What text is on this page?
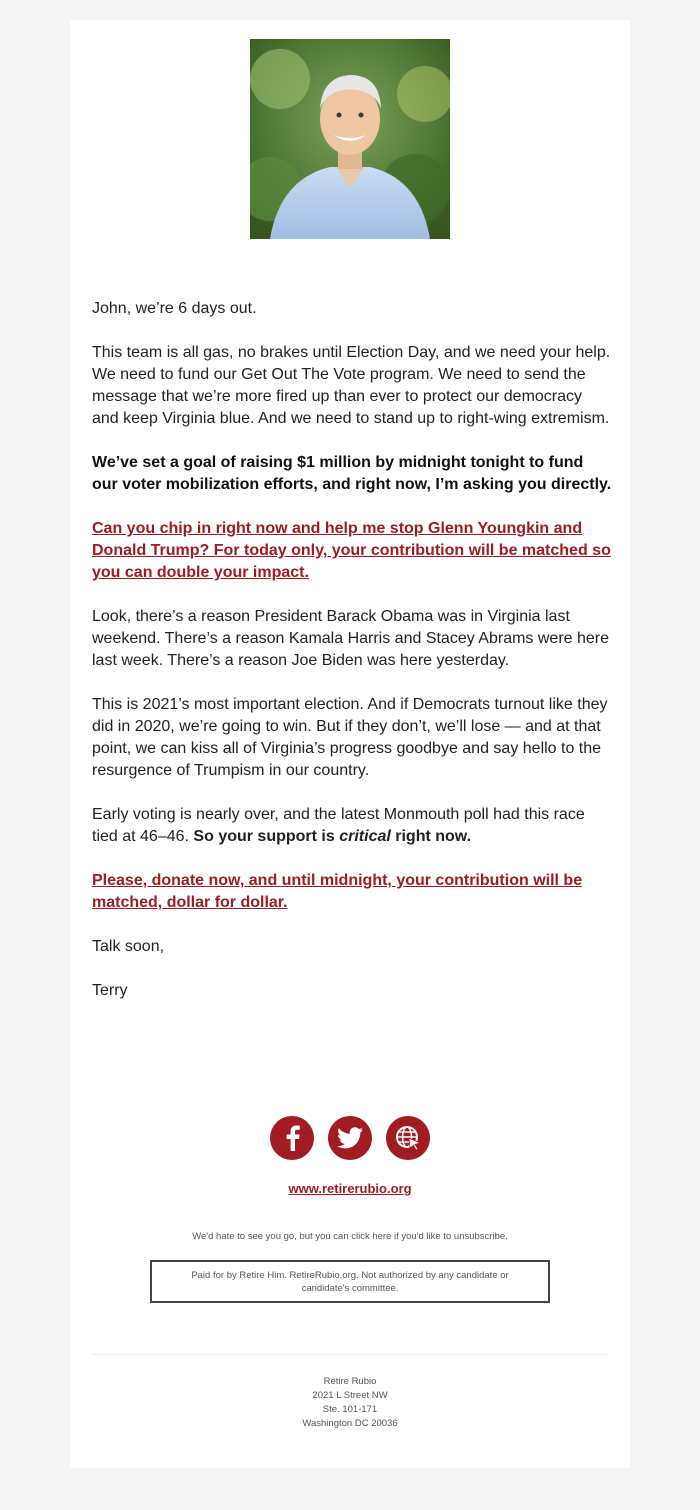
John, we’re 6 days out.

This team is all gas, no brakes until Election Day, and we need your help. We need to fund our Get Out The Vote program. We need to send the message that we’re more fired up than ever to protect our democracy and keep Virginia blue. And we need to stand up to right-wing extremism.

We’ve set a goal of raising $1 million by midnight tonight to fund our voter mobilization efforts, and right now, I’m asking you directly.

Can you chip in right now and help me stop Glenn Youngkin and Donald Trump? For today only, your contribution will be matched so you can double your impact.

Look, there’s a reason President Barack Obama was in Virginia last weekend. There’s a reason Kamala Harris and Stacey Abrams were here last week. There’s a reason Joe Biden was here yesterday.

This is 2021’s most important election. And if Democrats turnout like they did in 2020, we’re going to win. But if they don’t, we’ll lose — and at that point, we can kiss all of Virginia’s progress goodbye and say hello to the resurgence of Trumpism in our country.

Early voting is nearly over, and the latest Monmouth poll had this race tied at 46–46. So your support is critical right now.

Please, donate now, and until midnight, your contribution will be matched, dollar for dollar.

Talk soon,

Terry

www.retirerubio.org
We'd hate to see you go, but you can click here if you'd like to unsubscribe.
Paid for by Retire Him. RetireRubio.org. Not authorized by any candidate or
candidate's committee.
Retire Rubio
2021 L Street NW
Ste. 101-171
Washington DC 20036
